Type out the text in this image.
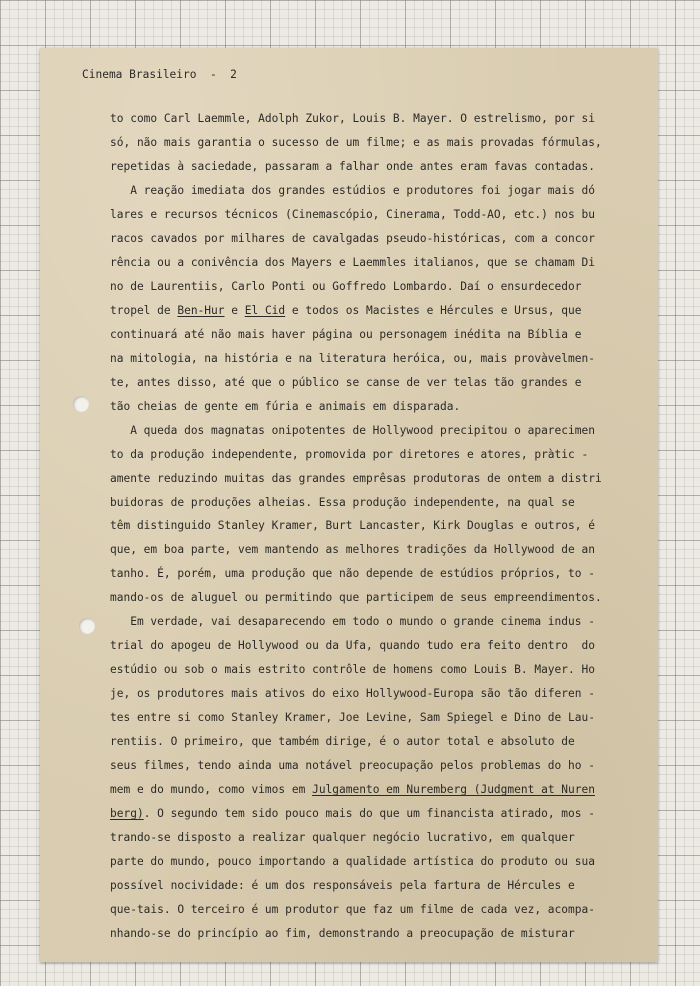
Cinema Brasileiro  -  2
to como Carl Laemmle, Adolph Zukor, Louis B. Mayer. O estrelismo, por si
só, não mais garantia o sucesso de um filme; e as mais provadas fórmulas,
repetidas à saciedade, passaram a falhar onde antes eram favas contadas.
A reação imediata dos grandes estúdios e produtores foi jogar mais dó
lares e recursos técnicos (Cinemascópio, Cinerama, Todd-AO, etc.) nos bu
racos cavados por milhares de cavalgadas pseudo-históricas, com a concor
rência ou a conivência dos Mayers e Laemmles italianos, que se chamam Di
no de Laurentiis, Carlo Ponti ou Goffredo Lombardo. Daí o ensurdecedor
tropel de Ben-Hur e El Cid e todos os Macistes e Hércules e Ursus, que
continuará até não mais haver página ou personagem inédita na Bíblia e
na mitologia, na história e na literatura heróica, ou, mais provàvelmen-
te, antes disso, até que o público se canse de ver telas tão grandes e
tão cheias de gente em fúria e animais em disparada.
A queda dos magnatas onipotentes de Hollywood precipitou o aparecimen
to da produção independente, promovida por diretores e atores, pràtic -
amente reduzindo muitas das grandes emprêsas produtoras de ontem a distri
buidoras de produções alheias. Essa produção independente, na qual se
têm distinguido Stanley Kramer, Burt Lancaster, Kirk Douglas e outros, é
que, em boa parte, vem mantendo as melhores tradições da Hollywood de an
tanho. É, porém, uma produção que não depende de estúdios próprios, to -
mando-os de aluguel ou permitindo que participem de seus empreendimentos.
Em verdade, vai desaparecendo em todo o mundo o grande cinema indus -
trial do apogeu de Hollywood ou da Ufa, quando tudo era feito dentro  do
estúdio ou sob o mais estrito contrôle de homens como Louis B. Mayer. Ho
je, os produtores mais ativos do eixo Hollywood-Europa são tão diferen -
tes entre si como Stanley Kramer, Joe Levine, Sam Spiegel e Dino de Lau-
rentiis. O primeiro, que também dirige, é o autor total e absoluto de
seus filmes, tendo ainda uma notável preocupação pelos problemas do ho -
mem e do mundo, como vimos em Julgamento em Nuremberg (Judgment at Nuren
berg). O segundo tem sido pouco mais do que um financista atirado, mos -
trando-se disposto a realizar qualquer negócio lucrativo, em qualquer
parte do mundo, pouco importando a qualidade artística do produto ou sua
possível nocividade: é um dos responsáveis pela fartura de Hércules e
que-tais. O terceiro é um produtor que faz um filme de cada vez, acompa-
nhando-se do princípio ao fim, demonstrando a preocupação de misturar
